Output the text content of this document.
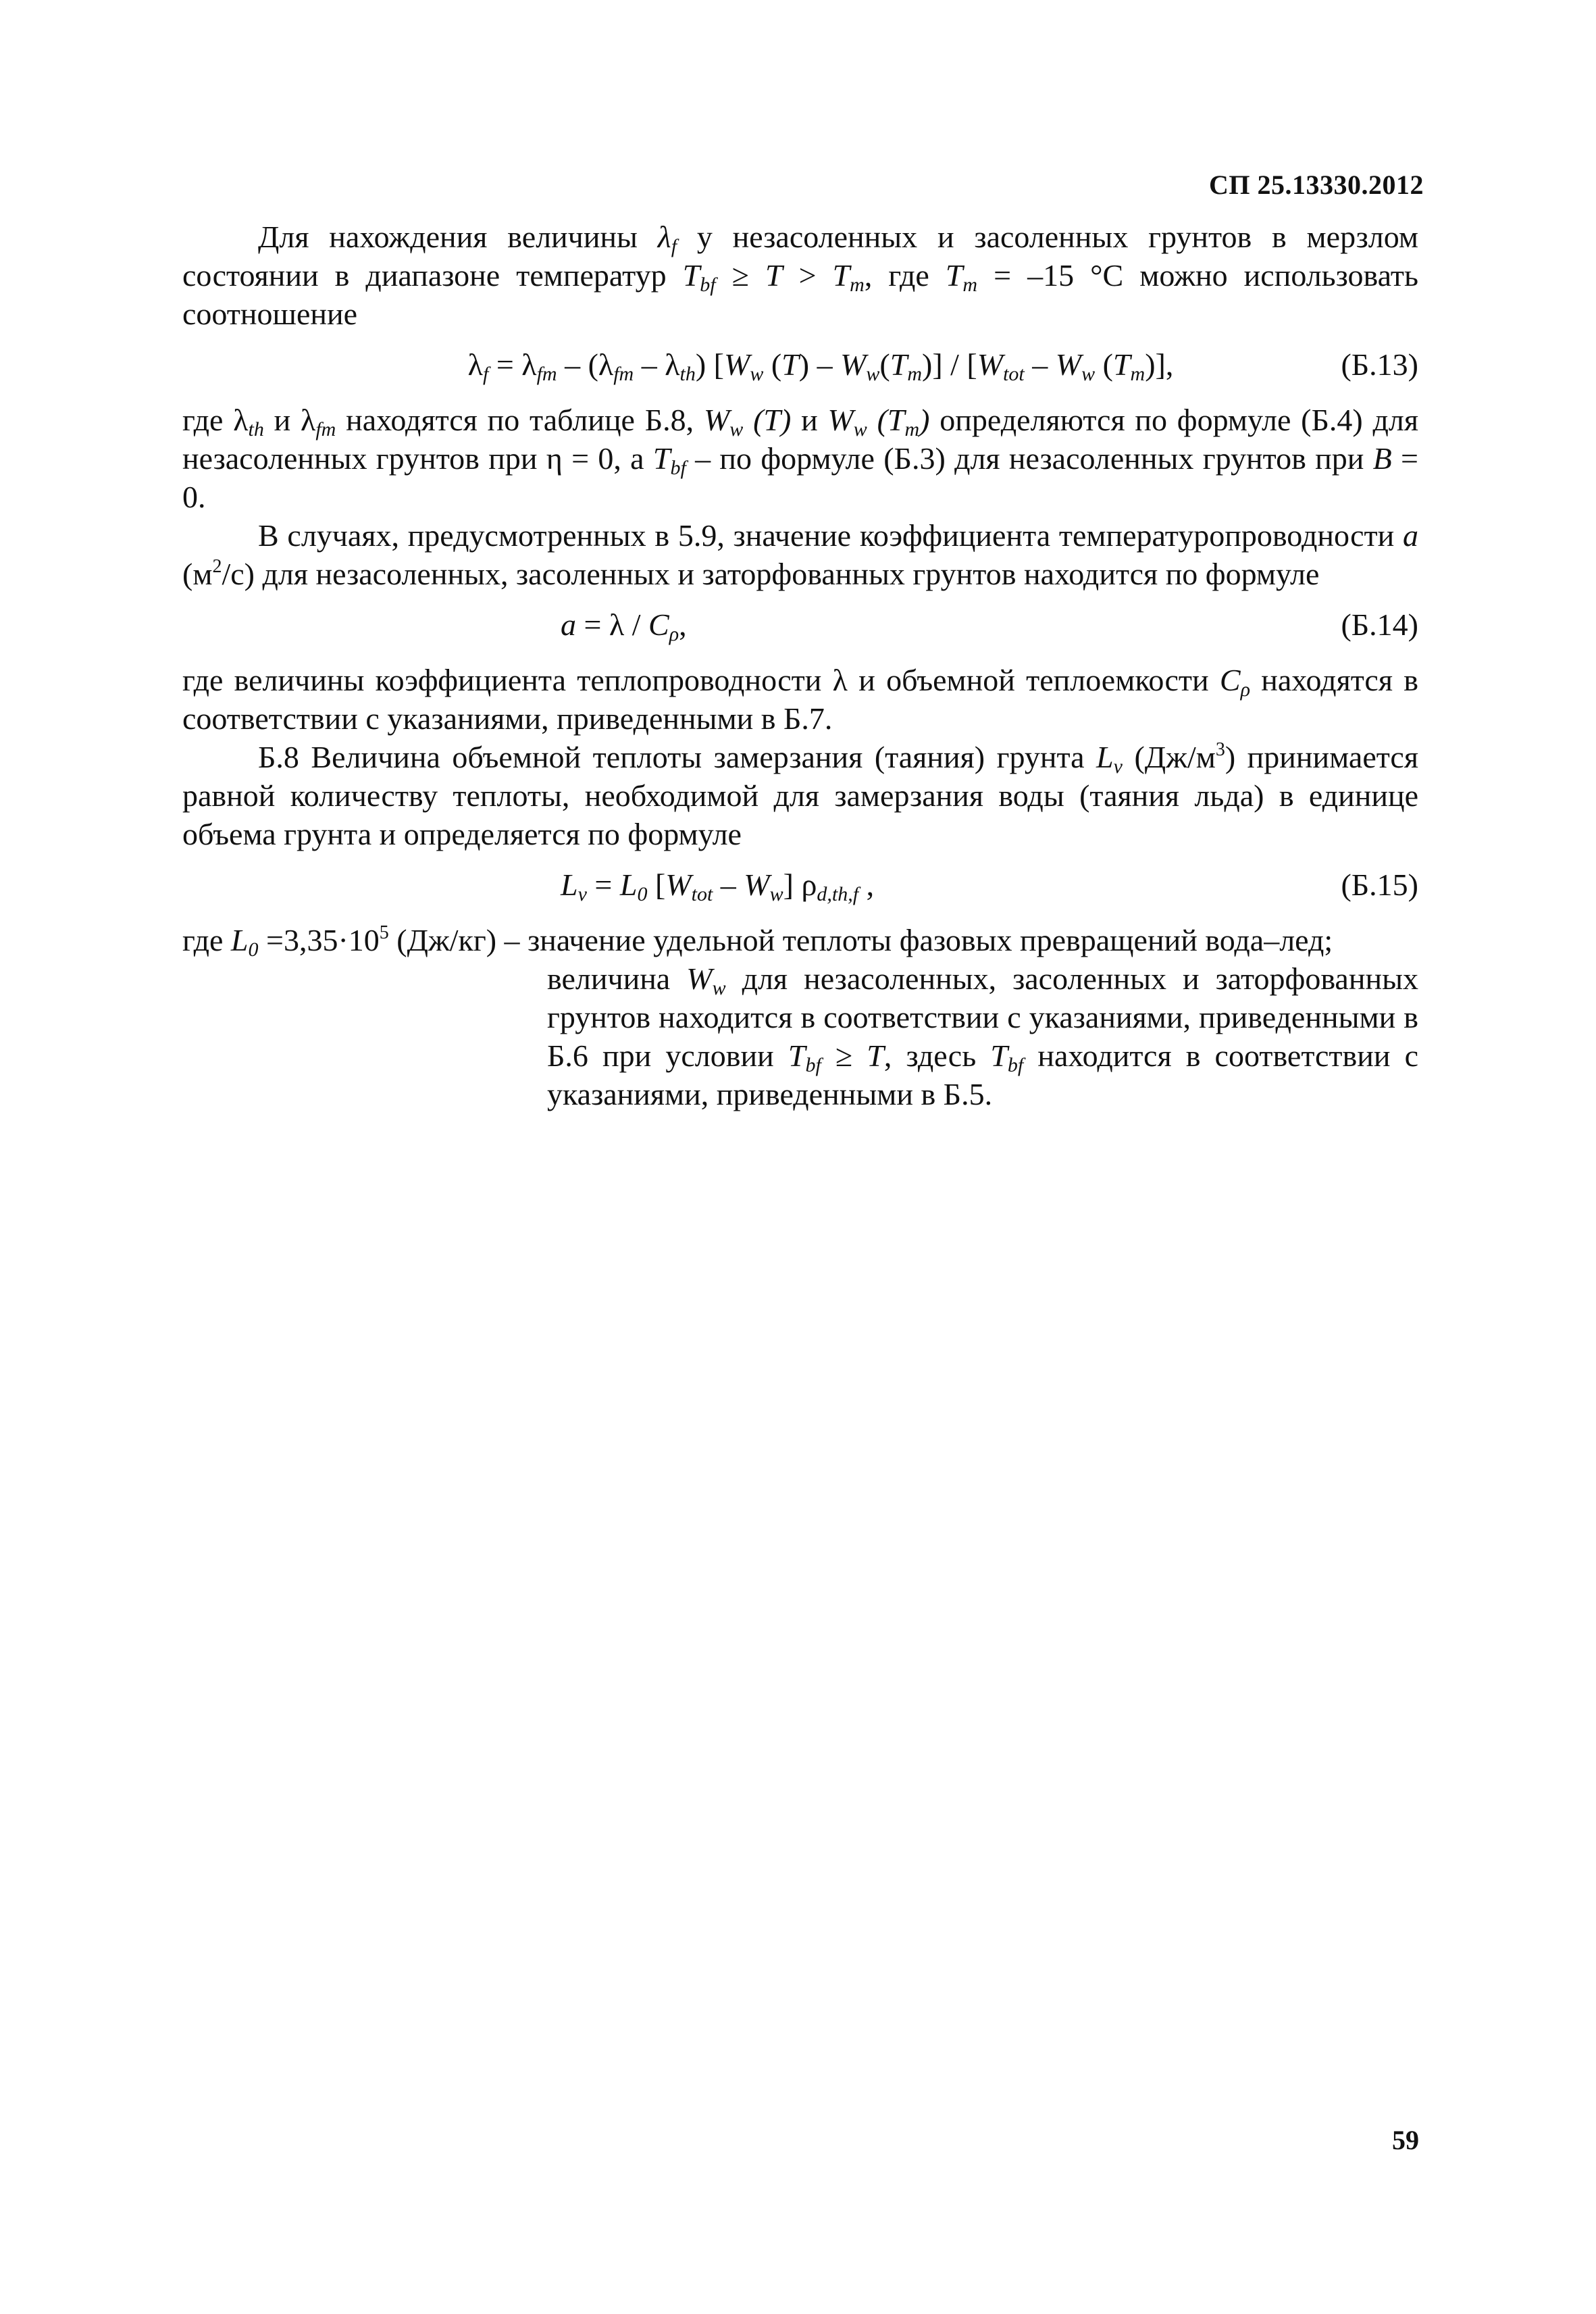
СП 25.13330.2012

Для нахождения величины $\lambda_f$ у незасоленных и засоленных грунтов в мерзлом состоянии в диапазоне температур $T_{bf} \ge T > T_m$, где $T_m = -15$ °С можно использовать соотношение

$\lambda_f = \lambda_{fm} - (\lambda_{fm} - \lambda_{th})$ [$W_w$ $(T) - W_w(T_m)] / [W_{tot} - W_w$ $(T_m)$],	(Б.13)

где $\lambda_{th}$ и $\lambda_{fm}$ находятся по таблице Б.8, $W_w$ (T) и $W_w$ $(T_m)$ определяются по формуле (Б.4) для незасоленных грунтов при η = 0, а $T_{bf}$ – по формуле (Б.3) для незасоленных грунтов при B = 0.

В случаях, предусмотренных в 5.9, значение коэффициента температуропроводности a $(м^2/с)$ для незасоленных, засоленных и заторфованных грунтов находится по формуле

$a = \lambda / C_\rho$,	(Б.14)

где величины коэффициента теплопроводности λ и объемной теплоемкости $C_\rho$ находятся в соответствии с указаниями, приведенными в Б.7.

Б.8 Величина объемной теплоты замерзания (таяния) грунта $L_v$ $(Дж/м^3)$ принимается равной количеству теплоты, необходимой для замерзания воды (таяния льда) в единице объема грунта и определяется по формуле

$L_v = L_0$ $[W_{tot} - W_w]$ $\rho_{d,th,f}$ ,	(Б.15)

где $L_0 =3,35\cdot 10^5$ (Дж/кг) – значение удельной теплоты фазовых превращений вода–лед;

величина $W_w$ для незасоленных, засоленных и заторфованных грунтов находится в соответствии с указаниями, приведенными в Б.6 при условии $T_{bf} \ge T$, здесь $T_{bf}$ находится в соответствии с указаниями, приведенными в Б.5.

59
